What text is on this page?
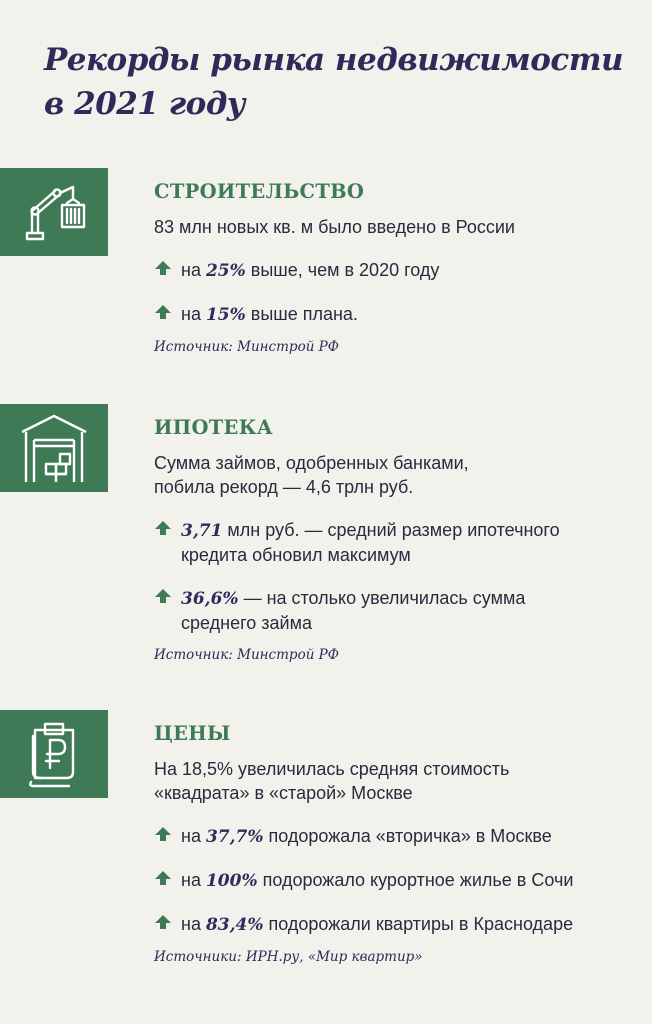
Рекорды рынка недвижимости
в 2021 году
СТРОИТЕЛЬСТВО
83 млн новых кв. м было введено в России
на 25% выше, чем в 2020 году
на 15% выше плана.
Источник: Минстрой РФ
ИПОТЕКА
Сумма займов, одобренных банками,
побила рекорд — 4,6 трлн руб.
3,71 млн руб. — средний размер ипотечного
кредита обновил максимум
36,6% — на столько увеличилась сумма
среднего займа
Источник: Минстрой РФ
ЦЕНЫ
На 18,5% увеличилась средняя стоимость
«квадрата» в «старой» Москве
на 37,7% подорожала «вторичка» в Москве
на 100% подорожало курортное жилье в Сочи
на 83,4% подорожали квартиры в Краснодаре
Источники: ИРН.ру, «Мир квартир»
